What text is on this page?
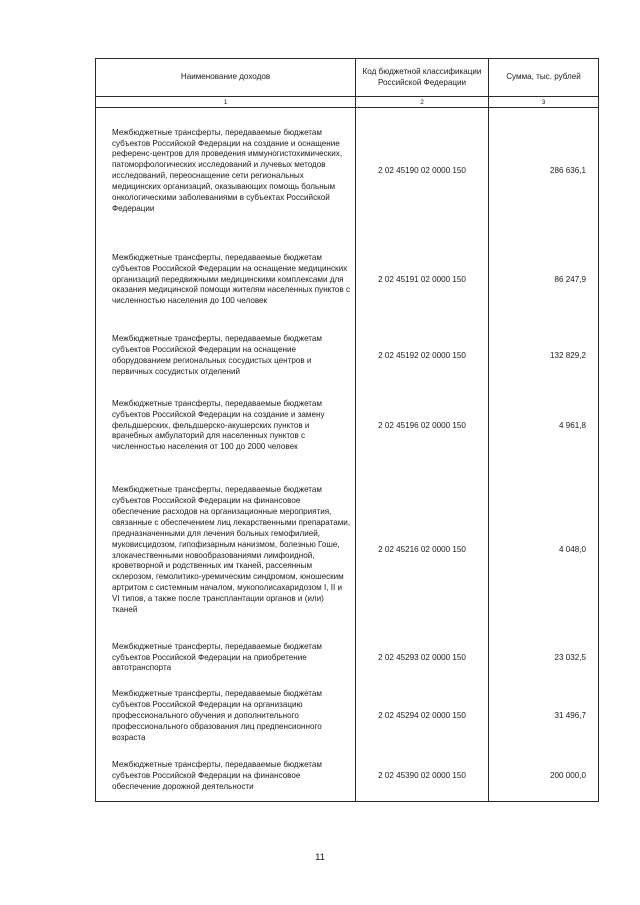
Наименование доходов	Код бюджетной классификации Российской Федерации	Сумма, тыс. рублей
1	2	3
Межбюджетные трансферты, передаваемые бюджетам субъектов Российской Федерации на создание и оснащение референс-центров для проведения иммуногистохимических, патоморфологических исследований и лучевых методов исследований, переоснащение сети региональных медицинских организаций, оказывающих помощь больным онкологическими заболеваниями в субъектах Российской Федерации	2 02 45190 02 0000 150	286 636,1
Межбюджетные трансферты, передаваемые бюджетам субъектов Российской Федерации на оснащение медицинских организаций передвижными медицинскими комплексами для оказания медицинской помощи жителям населенных пунктов с численностью населения до 100 человек	2 02 45191 02 0000 150	86 247,9
Межбюджетные трансферты, передаваемые бюджетам субъектов Российской Федерации на оснащение оборудованием региональных сосудистых центров и первичных сосудистых отделений	2 02 45192 02 0000 150	132 829,2
Межбюджетные трансферты, передаваемые бюджетам субъектов Российской Федерации на создание и замену фельдшерских, фельдшерско-акушерских пунктов и врачебных амбулаторий для населенных пунктов с численностью населения от 100 до 2000 человек	2 02 45196 02 0000 150	4 961,8
Межбюджетные трансферты, передаваемые бюджетам субъектов Российской Федерации на финансовое обеспечение расходов на организационные мероприятия, связанные с обеспечением лиц лекарственными препаратами, предназначенными для лечения больных гемофилией, муковисцидозом, гипофизарным нанизмом, болезнью Гоше, злокачественными новообразованиями лимфоидной, кроветворной и родственных им тканей, рассеянным склерозом, гемолитико-уремическим синдромом, юношеским артритом с системным началом, мукополисахаридозом I, II и VI типов, а также после трансплантации органов и (или) тканей	2 02 45216 02 0000 150	4 048,0
Межбюджетные трансферты, передаваемые бюджетам субъектов Российской Федерации на приобретение автотранспорта	2 02 45293 02 0000 150	23 032,5
Межбюджетные трансферты, передаваемые бюджетам субъектов Российской Федерации на организацию профессионального обучения и дополнительного профессионального образования лиц предпенсионного возраста	2 02 45294 02 0000 150	31 496,7
Межбюджетные трансферты, передаваемые бюджетам субъектов Российской Федерации на финансовое обеспечение дорожной деятельности	2 02 45390 02 0000 150	200 000,0
11
